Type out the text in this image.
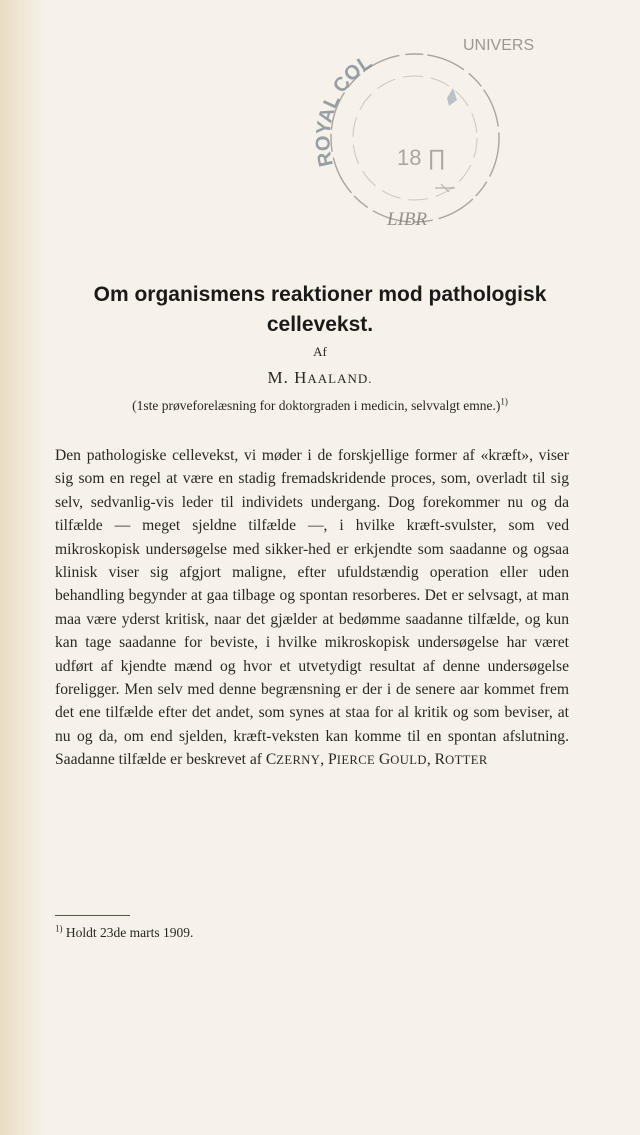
ROYAL COL
UNIVERS
18 ∏
LIBR
Om organismens reaktioner mod pathologisk
cellevekst.

Af

M. HAALAND.

(1ste prøveforelæsning for doktorgraden i medicin, selvvalgt emne.)$^{1)}$

Den pathologiske cellevekst, vi møder i de forskjellige former af «kræft», viser sig som en regel at være en stadig fremadskridende proces, som, overladt til sig selv, sedvanlig-vis leder til individets undergang. Dog forekommer nu og da tilfælde — meget sjeldne tilfælde —, i hvilke kræft-svulster, som ved mikroskopisk undersøgelse med sikker-hed er erkjendte som saadanne og ogsaa klinisk viser sig afgjort maligne, efter ufuldstændig operation eller uden behandling begynder at gaa tilbage og spontan resorberes. Det er selvsagt, at man maa være yderst kritisk, naar det gjælder at bedømme saadanne tilfælde, og kun kan tage saadanne for beviste, i hvilke mikroskopisk undersøgelse har været udført af kjendte mænd og hvor et utvetydigt resultat af denne undersøgelse foreligger. Men selv med denne begrænsning er der i de senere aar kommet frem det ene tilfælde efter det andet, som synes at staa for al kritik og som beviser, at nu og da, om end sjelden, kræft-veksten kan komme til en spontan afslutning. Saadanne tilfælde er beskrevet af CZERNY, PIERCE GOULD, ROTTER

$^{1)}$ Holdt 23de marts 1909.
